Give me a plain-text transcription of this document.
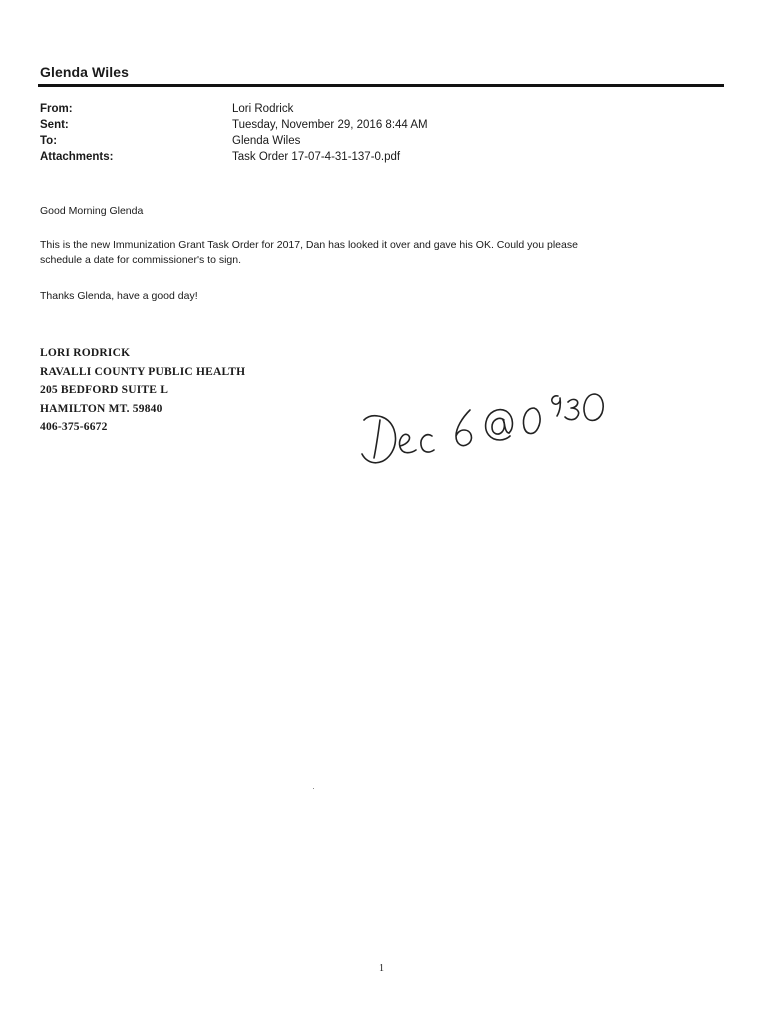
Glenda Wiles
From:	Lori Rodrick
Sent:	Tuesday, November 29, 2016 8:44 AM
To:	Glenda Wiles
Attachments:	Task Order 17-07-4-31-137-0.pdf
Good Morning Glenda
This is the new Immunization Grant Task Order for 2017, Dan has looked it over and gave his OK. Could you please
schedule a date for commissioner's to sign.
Thanks Glenda, have a good day!
LORI RODRICK
RAVALLI COUNTY PUBLIC HEALTH
205 BEDFORD SUITE L
HAMILTON MT. 59840
406-375-6672
1
